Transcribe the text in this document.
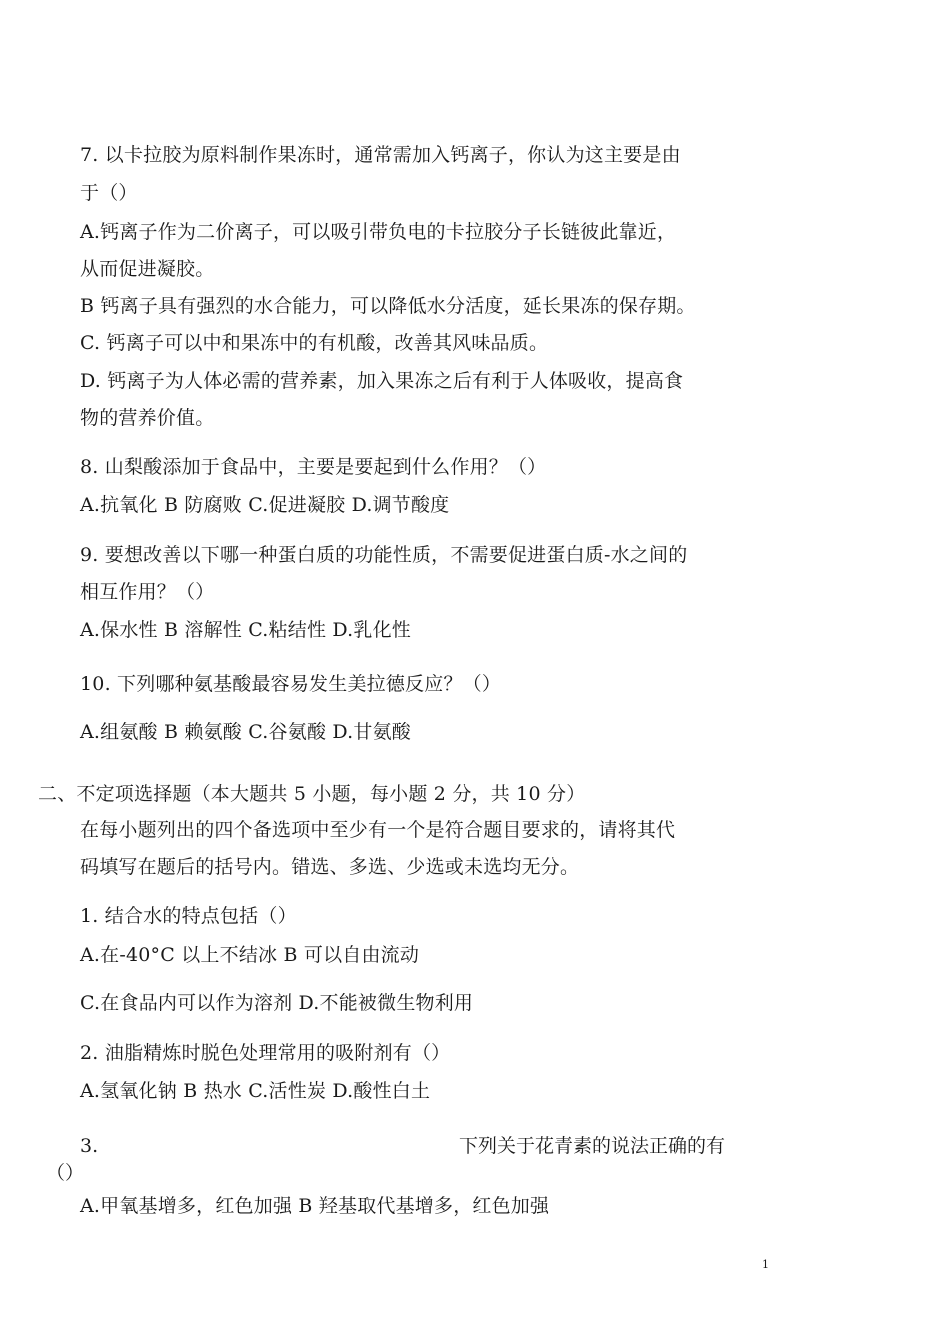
7. 以卡拉胶为原料制作果冻时，通常需加入钙离子，你认为这主要是由
于（）
A.钙离子作为二价离子，可以吸引带负电的卡拉胶分子长链彼此靠近，
从而促进凝胶。
B 钙离子具有强烈的水合能力，可以降低水分活度，延长果冻的保存期。
C. 钙离子可以中和果冻中的有机酸，改善其风味品质。
D. 钙离子为人体必需的营养素，加入果冻之后有利于人体吸收，提高食
物的营养价值。
8. 山梨酸添加于食品中，主要是要起到什么作用？（）
A.抗氧化 B 防腐败 C.促进凝胶 D.调节酸度
9. 要想改善以下哪一种蛋白质的功能性质，不需要促进蛋白质-水之间的
相互作用？（）
A.保水性 B 溶解性 C.粘结性 D.乳化性
10. 下列哪种氨基酸最容易发生美拉德反应？（）
A.组氨酸 B 赖氨酸 C.谷氨酸 D.甘氨酸
二、不定项选择题（本大题共 5 小题，每小题 2 分，共 10 分）
在每小题列出的四个备选项中至少有一个是符合题目要求的，请将其代
码填写在题后的括号内。错选、多选、少选或未选均无分。
1. 结合水的特点包括（）
A.在-40°C 以上不结冰 B 可以自由流动
C.在食品内可以作为溶剂 D.不能被微生物利用
2. 油脂精炼时脱色处理常用的吸附剂有（）
A.氢氧化钠 B 热水 C.活性炭 D.酸性白土
3.	下列关于花青素的说法正确的有
（）
A.甲氧基增多，红色加强 B 羟基取代基增多，红色加强
1
